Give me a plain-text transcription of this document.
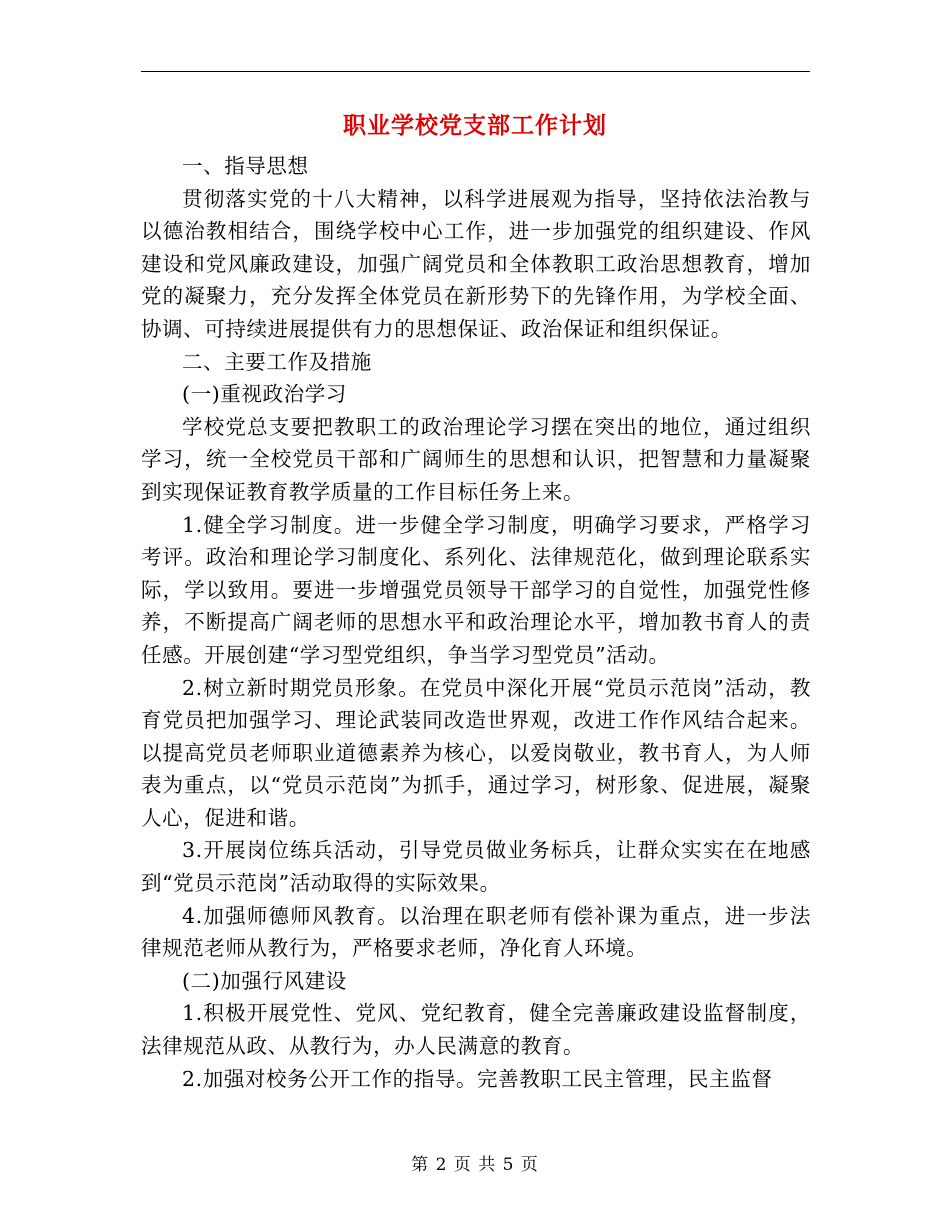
职业学校党支部工作计划

一、指导思想

贯彻落实党的十八大精神，以科学进展观为指导，坚持依法治教与以德治教相结合，围绕学校中心工作，进一步加强党的组织建设、作风建设和党风廉政建设，加强广阔党员和全体教职工政治思想教育，增加党的凝聚力，充分发挥全体党员在新形势下的先锋作用，为学校全面、协调、可持续进展提供有力的思想保证、政治保证和组织保证。

二、主要工作及措施

(一)重视政治学习

学校党总支要把教职工的政治理论学习摆在突出的地位，通过组织学习，统一全校党员干部和广阔师生的思想和认识，把智慧和力量凝聚到实现保证教育教学质量的工作目标任务上来。

1.健全学习制度。进一步健全学习制度，明确学习要求，严格学习考评。政治和理论学习制度化、系列化、法律规范化，做到理论联系实际，学以致用。要进一步增强党员领导干部学习的自觉性，加强党性修养，不断提高广阔老师的思想水平和政治理论水平，增加教书育人的责任感。开展创建“学习型党组织，争当学习型党员”活动。

2.树立新时期党员形象。在党员中深化开展“党员示范岗”活动，教育党员把加强学习、理论武装同改造世界观，改进工作作风结合起来。以提高党员老师职业道德素养为核心，以爱岗敬业，教书育人，为人师表为重点，以“党员示范岗”为抓手，通过学习，树形象、促进展，凝聚人心，促进和谐。

3.开展岗位练兵活动，引导党员做业务标兵，让群众实实在在地感到“党员示范岗”活动取得的实际效果。

4.加强师德师风教育。以治理在职老师有偿补课为重点，进一步法律规范老师从教行为，严格要求老师，净化育人环境。

(二)加强行风建设

1.积极开展党性、党风、党纪教育，健全完善廉政建设监督制度，法律规范从政、从教行为，办人民满意的教育。

2.加强对校务公开工作的指导。完善教职工民主管理，民主监督

第 2 页 共 5 页
